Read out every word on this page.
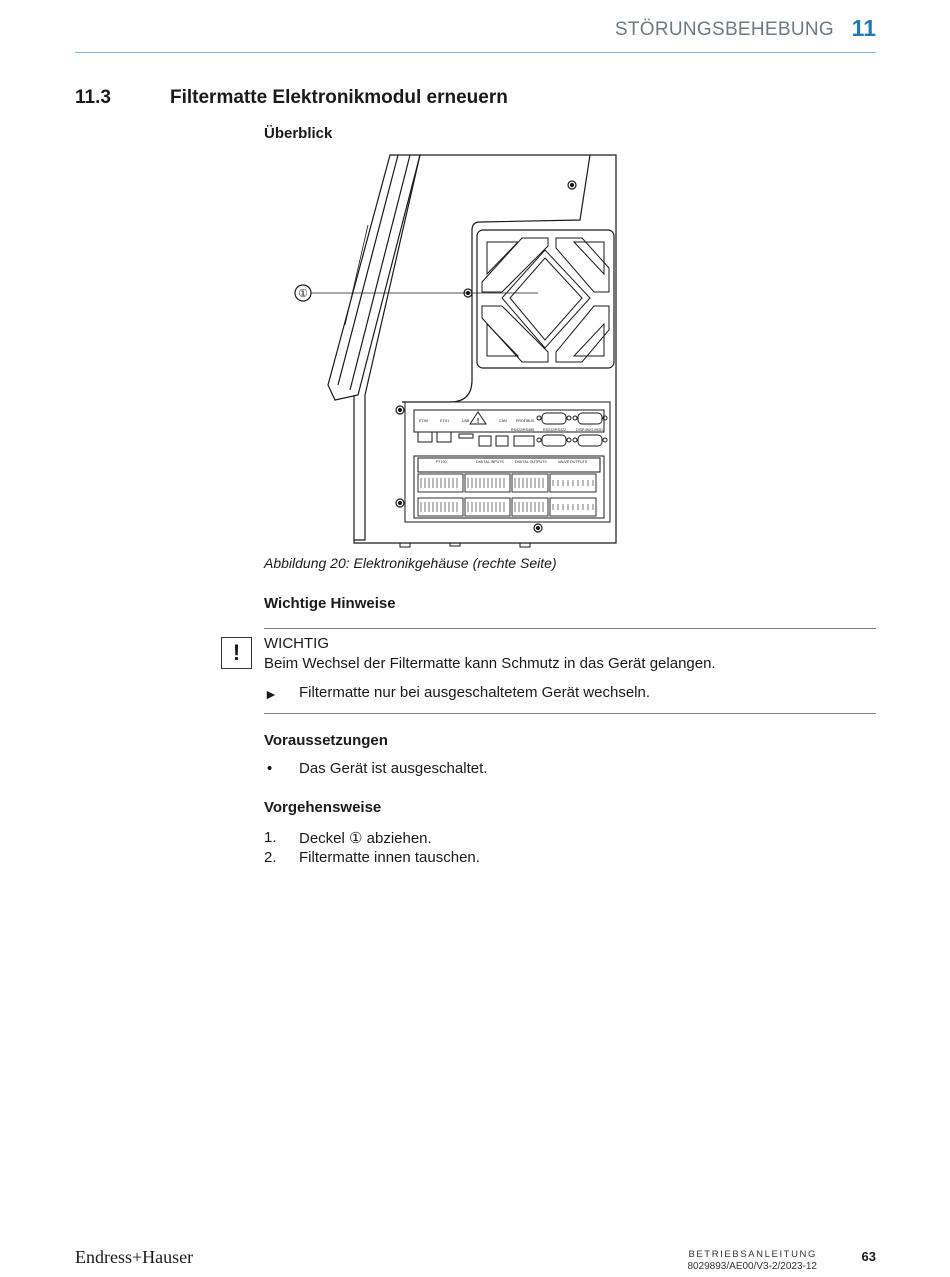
STÖRUNGSBEHEBUNG 11
11.3	Filtermatte Elektronikmodul erneuern
Überblick
①
!
ETH0	ETH1	USB	CAN	PROFIBUS
RS422/RS485	RS232/RS422	DISP./IN/O-MOD.
PT100	DIGITAL INPUTS	DIGITAL OUTPUTS	VALVE OUTPUTS
Abbildung 20: Elektronikgehäuse (rechte Seite)
Wichtige Hinweise
!	WICHTIG
Beim Wechsel der Filtermatte kann Schmutz in das Gerät gelangen.
► Filtermatte nur bei ausgeschaltetem Gerät wechseln.
Voraussetzungen
• Das Gerät ist ausgeschaltet.
Vorgehensweise
1. Deckel ① abziehen.
2. Filtermatte innen tauschen.
Endress+Hauser	BETRIEBSANLEITUNG
8029893/AE00/V3-2/2023-12
63
